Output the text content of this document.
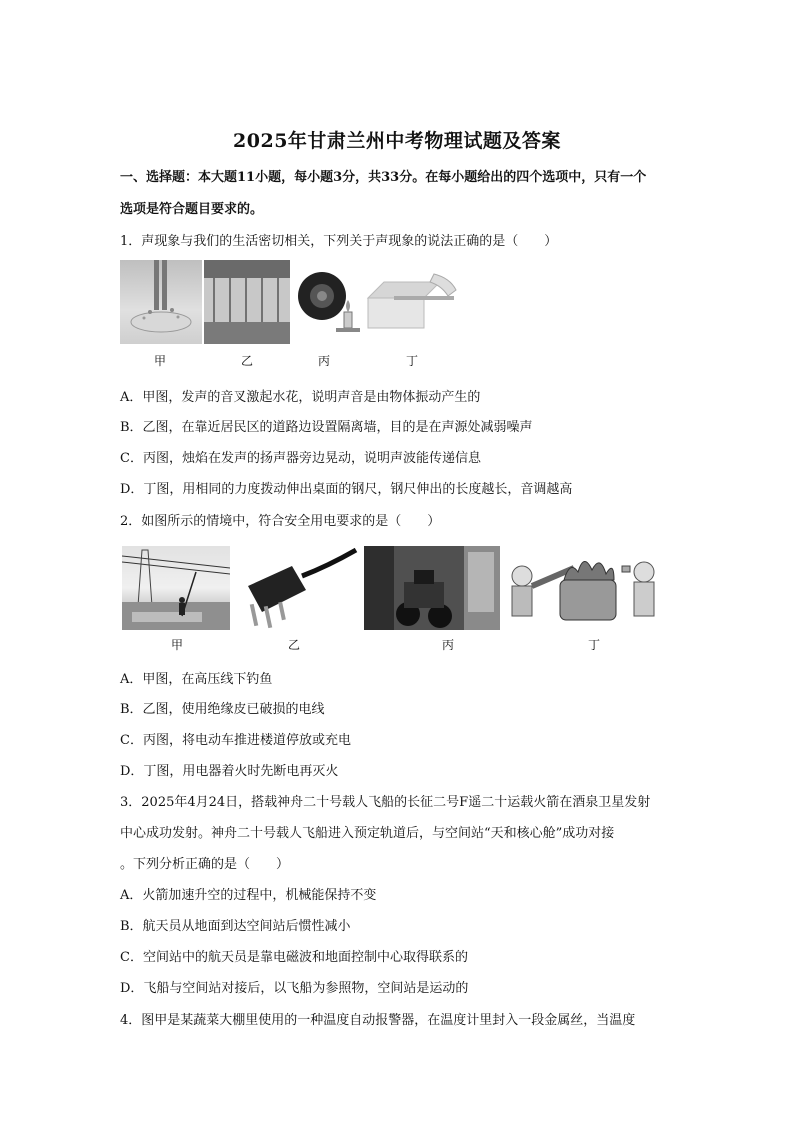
2025年甘肃兰州中考物理试题及答案
一、选择题：本大题11小题，每小题3分，共33分。在每小题给出的四个选项中，只有一个
选项是符合题目要求的。
1．声现象与我们的生活密切相关，下列关于声现象的说法正确的是（　　）
甲	乙	丙	丁
A．甲图，发声的音叉激起水花，说明声音是由物体振动产生的
B．乙图，在靠近居民区的道路边设置隔离墙，目的是在声源处减弱噪声
C．丙图，烛焰在发声的扬声器旁边晃动，说明声波能传递信息
D．丁图，用相同的力度拨动伸出桌面的钢尺，钢尺伸出的长度越长，音调越高
2．如图所示的情境中，符合安全用电要求的是（　　）
甲	乙	丙	丁
A．甲图，在高压线下钓鱼
B．乙图，使用绝缘皮已破损的电线
C．丙图，将电动车推进楼道停放或充电
D．丁图，用电器着火时先断电再灭火
3．2025年4月24日，搭载神舟二十号载人飞船的长征二号F遥二十运载火箭在酒泉卫星发射
中心成功发射。神舟二十号载人飞船进入预定轨道后，与空间站“天和核心舱”成功对接
。下列分析正确的是（　　）
A．火箭加速升空的过程中，机械能保持不变
B．航天员从地面到达空间站后惯性减小
C．空间站中的航天员是靠电磁波和地面控制中心取得联系的
D．飞船与空间站对接后，以飞船为参照物，空间站是运动的
4．图甲是某蔬菜大棚里使用的一种温度自动报警器，在温度计里封入一段金属丝，当温度
